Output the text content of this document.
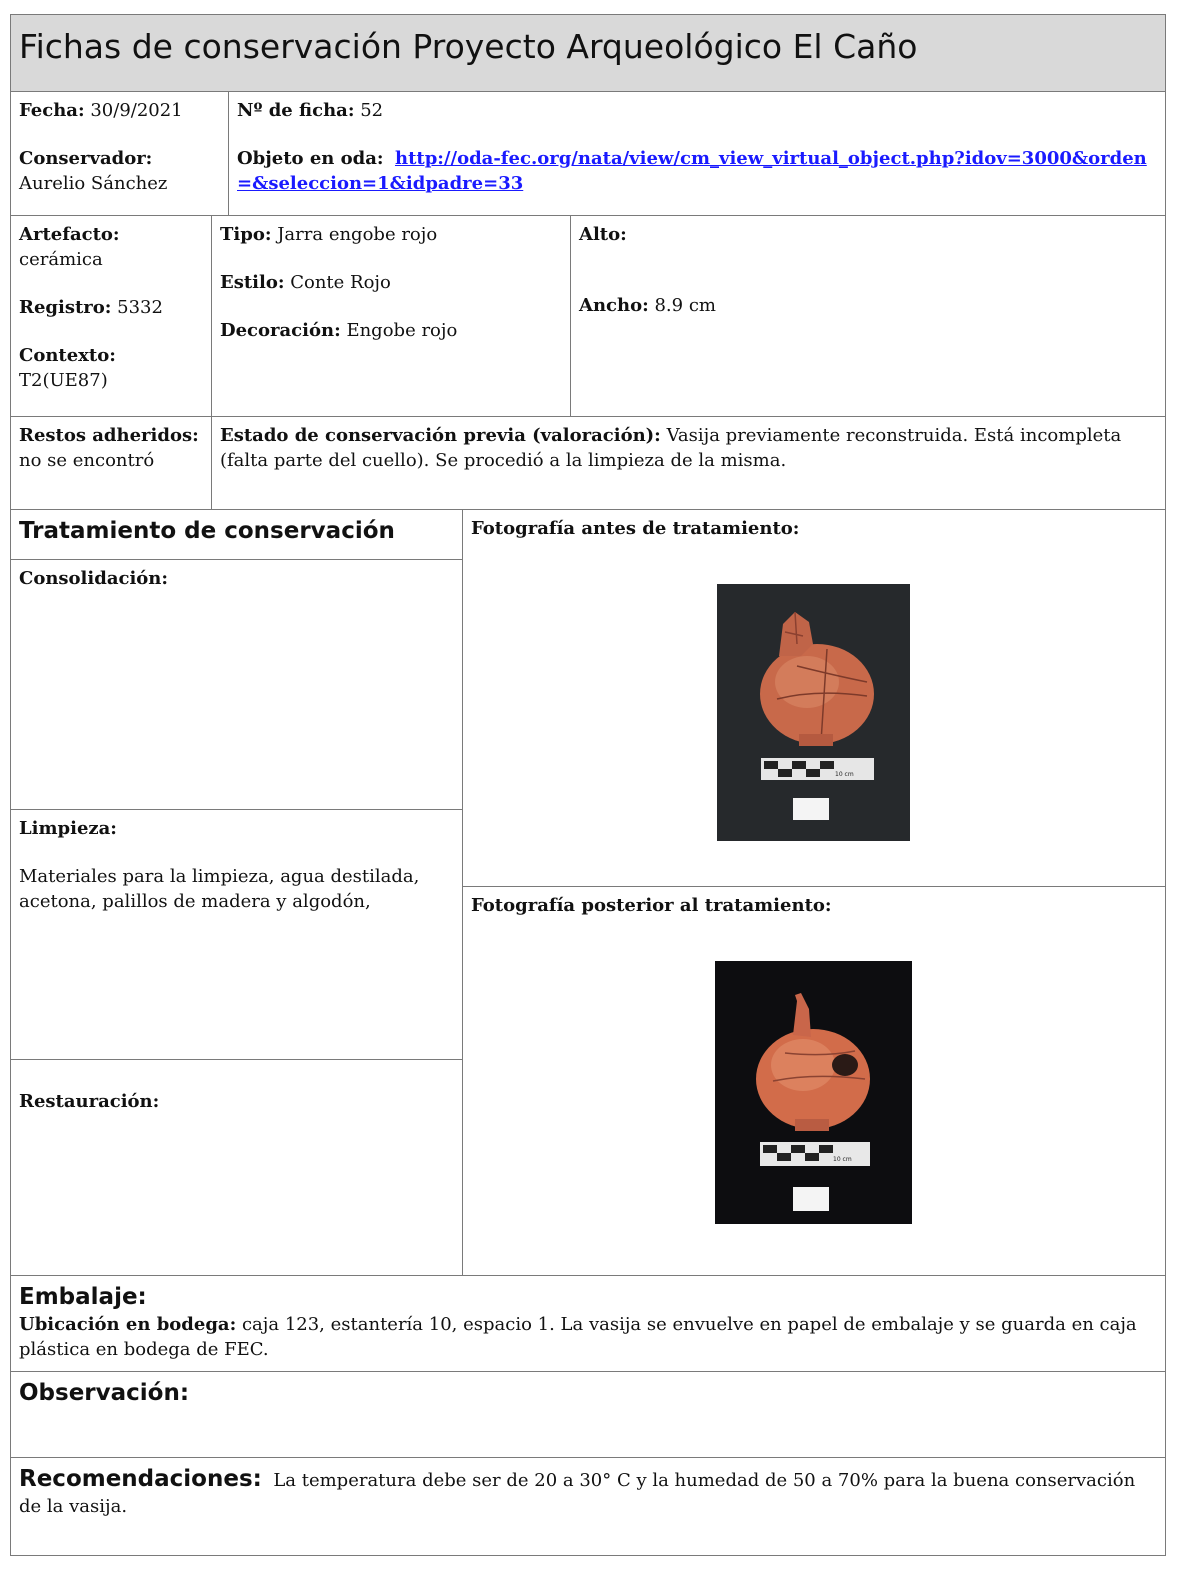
Fichas de conservación Proyecto Arqueológico El Caño
Fecha: 30/9/2021
Conservador:
Aurelio Sánchez
Nº de ficha: 52
Objeto en oda: http://oda-fec.org/nata/view/cm_view_virtual_object.php?idov=3000&orden=&seleccion=1&idpadre=33
Artefacto:
cerámica
Registro: 5332
Contexto:
T2(UE87)
Tipo: Jarra engobe rojo
Estilo: Conte Rojo
Decoración: Engobe rojo
Alto:
Ancho: 8.9 cm
Restos adheridos:
no se encontró
Estado de conservación previa (valoración): Vasija previamente reconstruida. Está incompleta (falta parte del cuello). Se procedió a la limpieza de la misma.
Tratamiento de conservación
Consolidación:
Limpieza:
Materiales para la limpieza, agua destilada, acetona, palillos de madera y algodón,
Restauración:
Fotografía antes de tratamiento:
10 cm
Fotografía posterior al tratamiento:
10 cm
Embalaje:
Ubicación en bodega: caja 123, estantería 10, espacio 1. La vasija se envuelve en papel de embalaje y se guarda en caja plástica en bodega de FEC.
Observación:
Recomendaciones: La temperatura debe ser de 20 a 30° C y la humedad de 50 a 70% para la buena conservación de la vasija.
